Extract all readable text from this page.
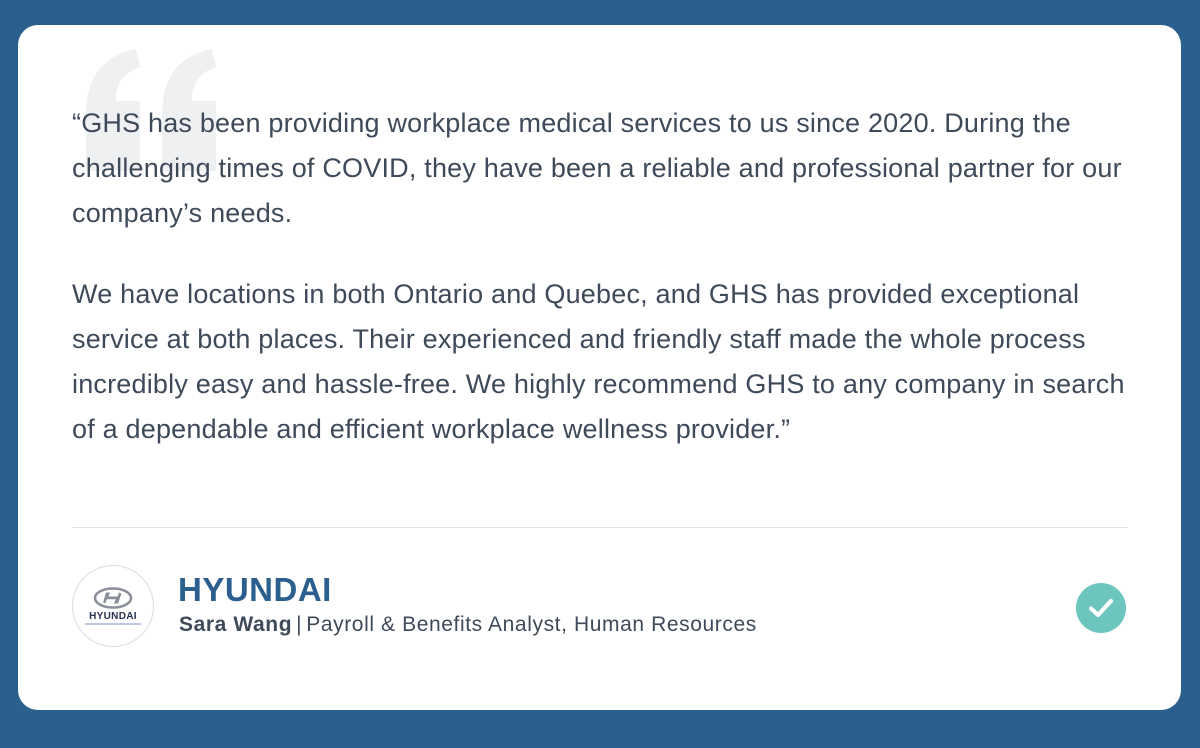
“GHS has been providing workplace medical services to us since 2020. During the challenging times of COVID, they have been a reliable and professional partner for our company’s needs.

We have locations in both Ontario and Quebec, and GHS has provided exceptional service at both places. Their experienced and friendly staff made the whole process incredibly easy and hassle-free. We highly recommend GHS to any company in search of a dependable and efficient workplace wellness provider.”

HYUNDAI
HYUNDAI
Sara Wang | Payroll & Benefits Analyst, Human Resources
